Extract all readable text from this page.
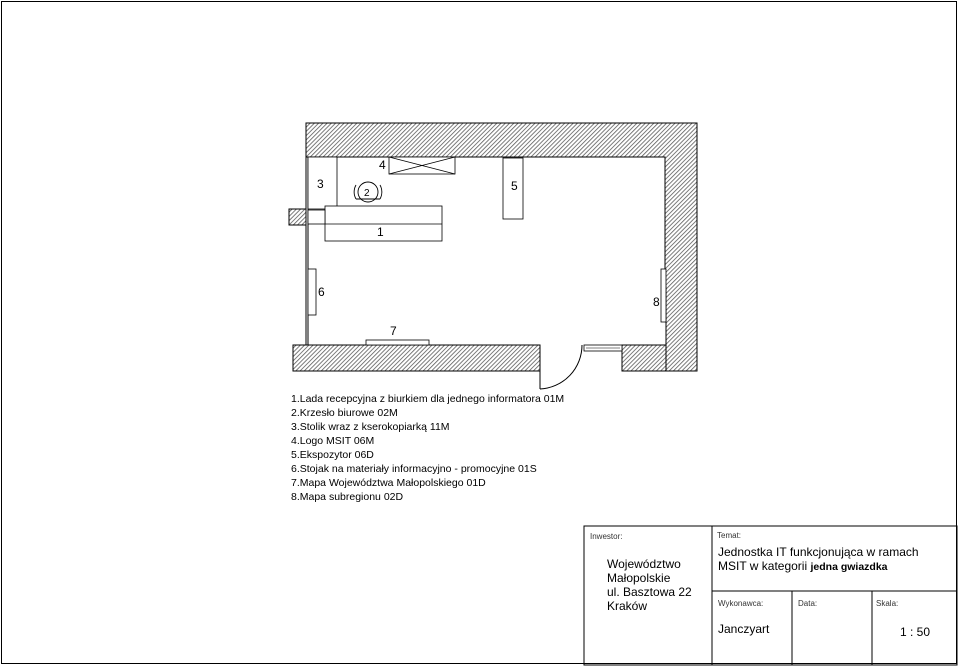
1
2
3
4
5
6
7
8
1.Lada recepcyjna z biurkiem dla jednego informatora 01M
2.Krzesło biurowe 02M
3.Stolik wraz z kserokopiarką 11M
4.Logo MSIT 06M
5.Ekspozytor 06D
6.Stojak na materiały informacyjno - promocyjne 01S
7.Mapa Województwa Małopolskiego 01D
8.Mapa subregionu 02D
Inwestor:
Województwo
Małopolskie
ul. Basztowa 22
Kraków
Temat:
Jednostka IT funkcjonująca w ramach
MSIT w kategorii jedna gwiazdka
Wykonawca:
Janczyart
Data:	Skala:
1 : 50
